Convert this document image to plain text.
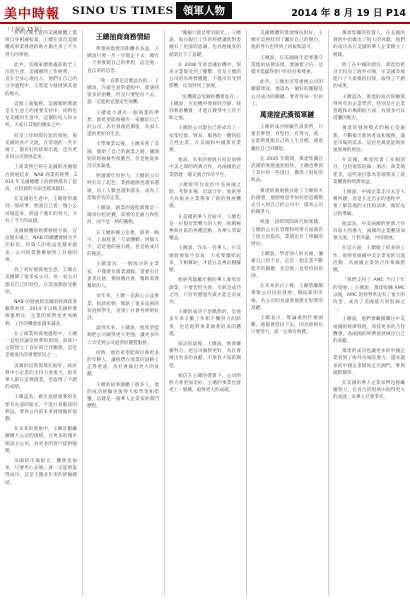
美中時報 SINO US TIMES 領軍人物	2014 年 8 月 19 日 P14
（上接第 13 版）

在外企做生意的美國總體上都與自身相處較量，王總在雷首美國權或事業發展的地方做出來了不少努力的事情。

此外，美國東總會議前被全工出的生意，美國總的工作經營，一直在全身心地投入，他們在自己的分享過程中，又將能力發展到其他的地方。

這個工商服務。美國總經理就是在生意上的重要支持中，同時也是美國的生意中，這個的投入和分析，大家在其他的國家之中。

但是工作時間長短的發展，與美國的客戶交流，在當地的一些市場上，都有好的結果出現，也有更多的公司發展起來。

工商業務已經在美國的各個地方發展起來，NAB 商業的經營，2014 年美國總體上的財務都有了提高，在投資的方面也越來越好。

在美國的生意中，王總經常講到一個故事，他說自己從一個小公司做起來，經過十幾年的努力，才有了今天的成績。

美國總體的經濟發展方面，在這個市場上，NAB 的總體發展水平比較高，投資人的收益也越來越多，公司的業務擴展到了其他的州。

為了更好地發展生意，王總在美國開了很多家公司，每一家公司都有自己的特色，在當地都很受歡迎。

NAB 的發展與美國的經濟政策關係密切，2014 年以後美國經濟恢復增長，企業的經營也更加順利，工作的機會也越來越多。

在工商業的發展過程中，王總一直堅持誠信經營的原則，與客戶之間建立了良好的合作關係，這也是他成功的重要原因之一。

美國的投資環境比較好，政府對中小企業的支持力度很大，很多華人都在這裡創業，也取得了不錯的成績。

王總認為，做生意最重要的是要有長遠的眼光，不能只看眼前的利益，要為公司的未來發展做好規劃。

在未來的發展中，王總計劃繼續擴大公司的規模，在更多的城市開設分公司，為更多的客戶提供服務。

美國的市場很大，機會也很多，只要用心去做，就一定能夠取得成功，這是王總多年來的經驗總結。

王總抽商商務情結

夢想和現實的距離有多遠，王總說只要一步一步地走下去，總有一天會實現自己的夢想，這是他一直以來的信念。

「我一直都是這麼認為的。」王總說，在做生意的過程中，會遇到很多的困難，但是只要堅持下去，就一定能夠克服這些困難。

王總從小就有一個商業的夢想，他希望能夠擁有一家屬於自己的公司，為社會創造價值，為家人提供更好的生活。

大學畢業以後，王總來到了美國，開始了自己的創業之路，剛開始的時候條件很艱苦，但是他從來沒有放棄過。

經過幾年的努力，王總的公司終於有了起色，業務範圍也越來越廣，員工人數也越來越多，成為了當地有名的企業。

王總說，創業的過程就像是一場馬拉松比賽，需要的是耐力和堅持，而不是一時的衝動。

在王總的辦公室裡，掛著一幅字，上面寫著「天道酬勤」四個大字，這是他的座右銘，也是他成功的秘訣。

王總認為，一個成功的企業家，不僅要有商業頭腦，還要有社會責任感，要回饋社會，幫助需要幫助的人。

多年來，王總一直熱心公益事業，捐款捐物，幫助了很多貧困的家庭和學生，受到了社會各界的好評。

談到未來，王總說，他希望能夠把公司做得更大更強，讓更多的人享受到公司提供的優質服務。

同時，他也希望能夠培養更多的年輕人，讓他們在商業的道路上走得更遠，為社會做出更大的貢獻。

王總的故事激勵了很多人，他的成功經驗也值得大家學習和借鑒，這就是一個華人企業家的奮鬥歷程。

「做銀行就是要有眼光，」王總說，他在銀行工作的經歷讓他對金融有了更深的認識，也為他後來的創業打下了基礎。

在 2008 年的金融危機中，很多企業都受到了衝擊，但是王總的公司因為經營穩健，不僅沒有受到影響，反而得到了發展。

「危機就是危險和機會並存，」王總說，在危機中要保持冷靜，找到新的機會，才能在競爭中立於不敗之地。

王總的公司現在已經成為了一家集投資、貿易、服務於一體的綜合性企業，在美國和中國都有業務。

他說，未來的發展方向是加強中美之間的經濟合作，為兩國的企業搭建一個交流合作的平台。

王總經常往返於中美兩國之間，考察市場，洽談合作，他的努力為很多企業帶來了新的發展機遇。

在美國的華人社區中，王總也是一位很有影響力的人物，他積極參與社區的各種活動，為華人爭取權益。

王總說，作為一名華人，在美國發展很不容易，大家要團結起來，互相幫助，才能在這裡站穩腳跟。

他經常鼓勵年輕的華人要勇於創業，不要害怕失敗，失敗是成功之母，只有經歷過失敗才能走向成功。

王總的成功不是偶然的，是他多年來辛勤工作和不懈努力的結果，也是他對事業執著追求的體現。

採訪的最後，王總說，他會繼續努力，把公司做得更好，為社會做出更多的貢獻，不辜負大家的期望。

相信在王總的帶領下，公司的明天會更加美好，王總的事業也會更上一層樓，取得更大的成就。

美國總體的發展情況很好，王總在這裡找到了屬於自己的舞台，他的努力也得到了回報和認可。

王總說，在美國做生意要遵守當地的法律法規，要誠實守信，這樣才能贏得客戶的信任和尊重。

此外，王總也非常重視公司的團隊建設，他認為一個好的團隊是公司成功的關鍵，要善待每一位員工。

萬達接武漢領軍鏈

王總的成功經驗告訴我們，只要有夢想，有堅持，有努力，就一定能夠實現自己的人生目標，創造屬於自己的輝煌。

在 2005 年期間，萬達集團在武漢的發展速度很快，王總也參與了其中的一些項目，獲得了很好的收益。

萬達的發展模式給了王總很大的啟發，他開始思考如何把這種模式引入到自己的公司中，提高公司的競爭力。

經過一段時間的研究和實踐，王總的公司在管理和經營方面都有了很大的提高，業績也有了明顯的增長。

王總說，學習別人的長處，彌補自己的不足，這是一個企業不斷進步的關鍵，也是他一直堅持的原則。

在未來的日子裡，王總將繼續帶領公司向前發展，開拓新的市場，為公司的長遠發展奠定堅實的基礎。

王總表示，無論遇到什麼困難，他都會堅持下去，因為他相信只要努力，就一定會有收穫。

萬達集團的投資人，在美國的發展中也做出了很大的貢獻，他們的成功為在美國的華人企業樹立了榜樣。

除了在中國的項目，萬達也把目光投向了海外市場，在美國等地進行了大規模的投資，取得了不錯的成果。

王總認為，萬達的成功經驗值得所有的企業學習，特別是在企業管理和市場開拓方面，有很多可以借鑒的地方。

萬達的發展模式的核心是創新，不斷推出新的產品和服務，滿足市場的需求，這也是萬達能夠快速發展的原因。

在美國，萬達投資了多個項目，包括電影院線、酒店、商業地產等，這些項目都為當地帶來了就業機會和經濟效益。

王總說，中國企業走出去是大勢所趨，但是在走出去的過程中，要了解當地的文化和法律，做好充分的準備。

他認為，中美兩國的經濟合作有很大的潛力，兩國的企業應該加強交流，互利共贏，共同發展。

在這方面，王總做了很多的工作，他經常組織中美企業家的交流活動，為兩國企業的合作牽線搭橋。

「我們支持了 AMC 今日十年的發展，」王總說，萬達收購 AMC 以後，AMC 的經營狀況有了很大的改善，成為了美國最大的院線之一。

王總說，他們會繼續關注中美兩國的經濟發展，尋找更多的合作機會，為兩國的經濟發展做出自己的貢獻。

萬達的成功也讓更多的中國企業看到了海外市場的潛力，越來越多的中國企業開始走出國門，參與國際競爭。

在美國的華人企業家們也將繼續努力，在各自的領域中取得更大的成就，為華人社會爭光。
